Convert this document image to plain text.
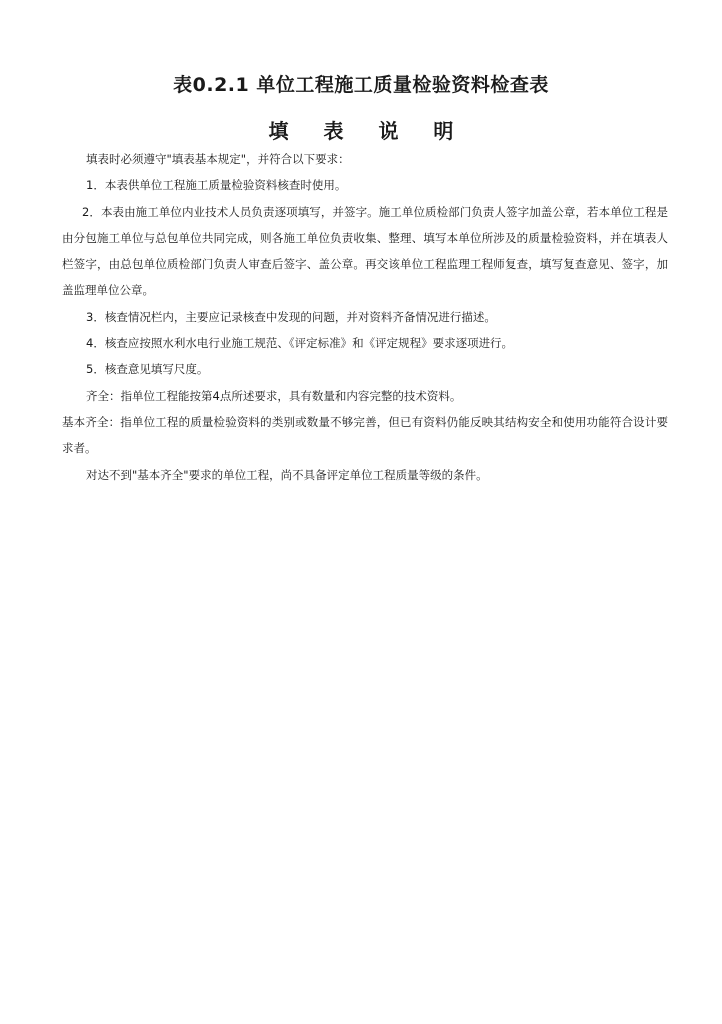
表0.2.1 单位工程施工质量检验资料检查表
填 表 说 明

填表时必须遵守"填表基本规定"，并符合以下要求：

1．本表供单位工程施工质量检验资料核查时使用。

2．本表由施工单位内业技术人员负责逐项填写，并签字。施工单位质检部门负责人签字加盖公章，若本单位工程是由分包施工单位与总包单位共同完成，则各施工单位负责收集、整理、填写本单位所涉及的质量检验资料，并在填表人栏签字，由总包单位质检部门负责人审查后签字、盖公章。再交该单位工程监理工程师复查，填写复查意见、签字，加盖监理单位公章。

3．核查情况栏内，主要应记录核查中发现的问题，并对资料齐备情况进行描述。

4．核查应按照水利水电行业施工规范、《评定标准》和《评定规程》要求逐项进行。

5．核查意见填写尺度。

齐全：指单位工程能按第4点所述要求，具有数量和内容完整的技术资料。

基本齐全：指单位工程的质量检验资料的类别或数量不够完善，但已有资料仍能反映其结构安全和使用功能符合设计要求者。

对达不到"基本齐全"要求的单位工程，尚不具备评定单位工程质量等级的条件。
